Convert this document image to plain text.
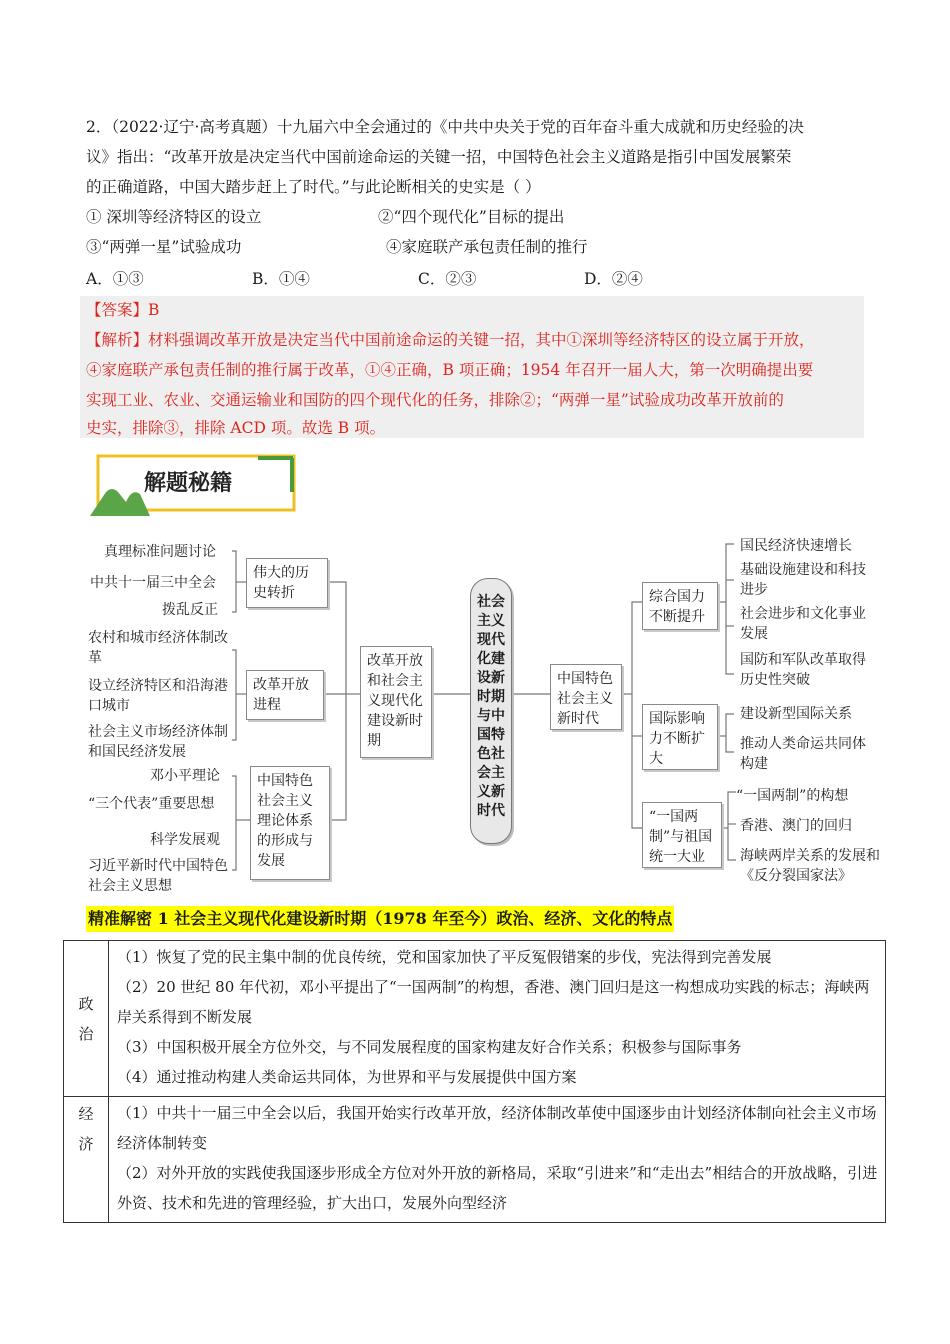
2．（2022·辽宁·高考真题）十九届六中全会通过的《中共中央关于党的百年奋斗重大成就和历史经验的决
议》指出：“改革开放是决定当代中国前途命运的关键一招，中国特色社会主义道路是指引中国发展繁荣
的正确道路，中国大踏步赶上了时代。”与此论断相关的史实是（ ）
① 深圳等经济特区的设立	②“四个现代化”目标的提出
③“两弹一星”试验成功	④家庭联产承包责任制的推行
A．①③	B．①④	C．②③	D．②④
【答案】B
【解析】材料强调改革开放是决定当代中国前途命运的关键一招，其中①深圳等经济特区的设立属于开放，
④家庭联产承包责任制的推行属于改革，①④正确，B 项正确；1954 年召开一届人大，第一次明确提出要
实现工业、农业、交通运输业和国防的四个现代化的任务，排除②；“两弹一星”试验成功改革开放前的
史实，排除③，排除 ACD 项。故选 B 项。
解题秘籍
真理标准问题讨论
中共十一届三中全会
拨乱反正
农村和城市经济体制改革
设立经济特区和沿海港口城市
社会主义市场经济体制和国民经济发展
邓小平理论
“三个代表”重要思想
科学发展观
习近平新时代中国特色社会主义思想
伟大的历史转折
改革开放进程
中国特色社会主义理论体系的形成与发展
改革开放和社会主义现代化建设新时期
社会主义现代化建设新时期与中国特色社会主义新时代
中国特色社会主义新时代
综合国力不断提升
国际影响力不断扩大
“一国两制”与祖国统一大业
国民经济快速增长
基础设施建设和科技进步
社会进步和文化事业发展
国防和军队改革取得历史性突破
建设新型国际关系
推动人类命运共同体构建
“一国两制”的构想
香港、澳门的回归
海峡两岸关系的发展和《反分裂国家法》
精准解密 1 社会主义现代化建设新时期（1978 年至今）政治、经济、文化的特点
政治	（1）恢复了党的民主集中制的优良传统，党和国家加快了平反冤假错案的步伐，宪法得到完善发展
（2）20 世纪 80 年代初，邓小平提出了“一国两制”的构想，香港、澳门回归是这一构想成功实践的标志；海峡两岸关系得到不断发展
（3）中国积极开展全方位外交，与不同发展程度的国家构建友好合作关系；积极参与国际事务
（4）通过推动构建人类命运共同体，为世界和平与发展提供中国方案

经济	（1）中共十一届三中全会以后，我国开始实行改革开放，经济体制改革使中国逐步由计划经济体制向社会主义市场经济体制转变
（2）对外开放的实践使我国逐步形成全方位对外开放的新格局，采取“引进来”和“走出去”相结合的开放战略，引进外资、技术和先进的管理经验，扩大出口，发展外向型经济
